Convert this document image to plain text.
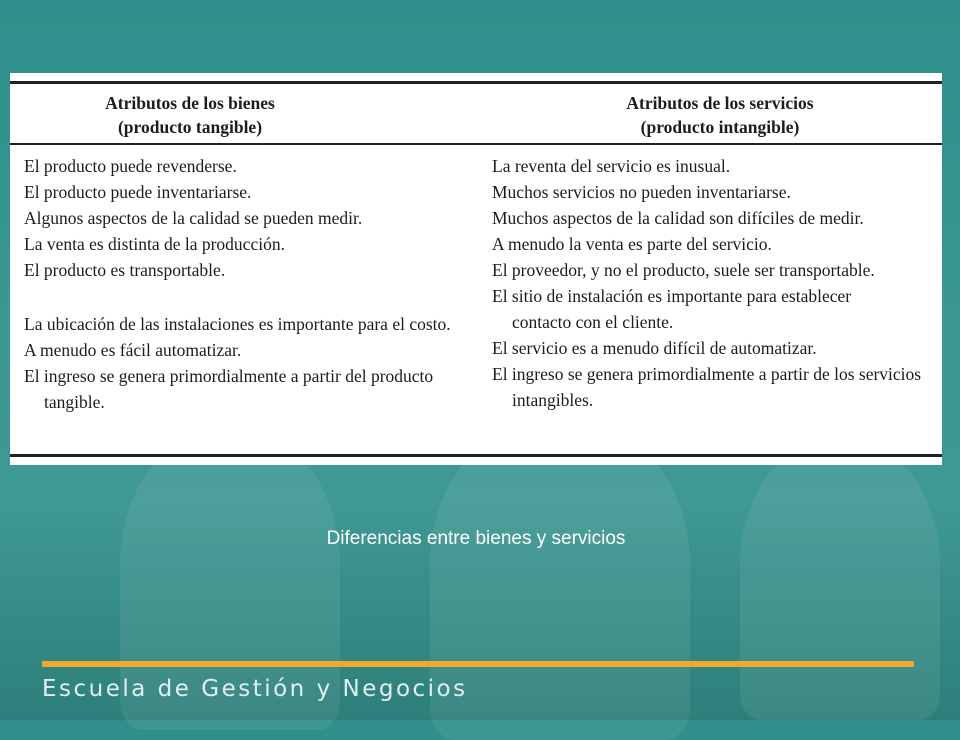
Atributos de los bienes
(producto tangible)
Atributos de los servicios
(producto intangible)
El producto puede revenderse.
El producto puede inventariarse.
Algunos aspectos de la calidad se pueden medir.
La venta es distinta de la producción.
El producto es transportable.
La ubicación de las instalaciones es importante para el costo.
A menudo es fácil automatizar.
El ingreso se genera primordialmente a partir del producto tangible.
La reventa del servicio es inusual.
Muchos servicios no pueden inventariarse.
Muchos aspectos de la calidad son difíciles de medir.
A menudo la venta es parte del servicio.
El proveedor, y no el producto, suele ser transportable.
El sitio de instalación es importante para establecer contacto con el cliente.
El servicio es a menudo difícil de automatizar.
El ingreso se genera primordialmente a partir de los servicios intangibles.
Diferencias entre bienes y servicios
Escuela de Gestión y Negocios
